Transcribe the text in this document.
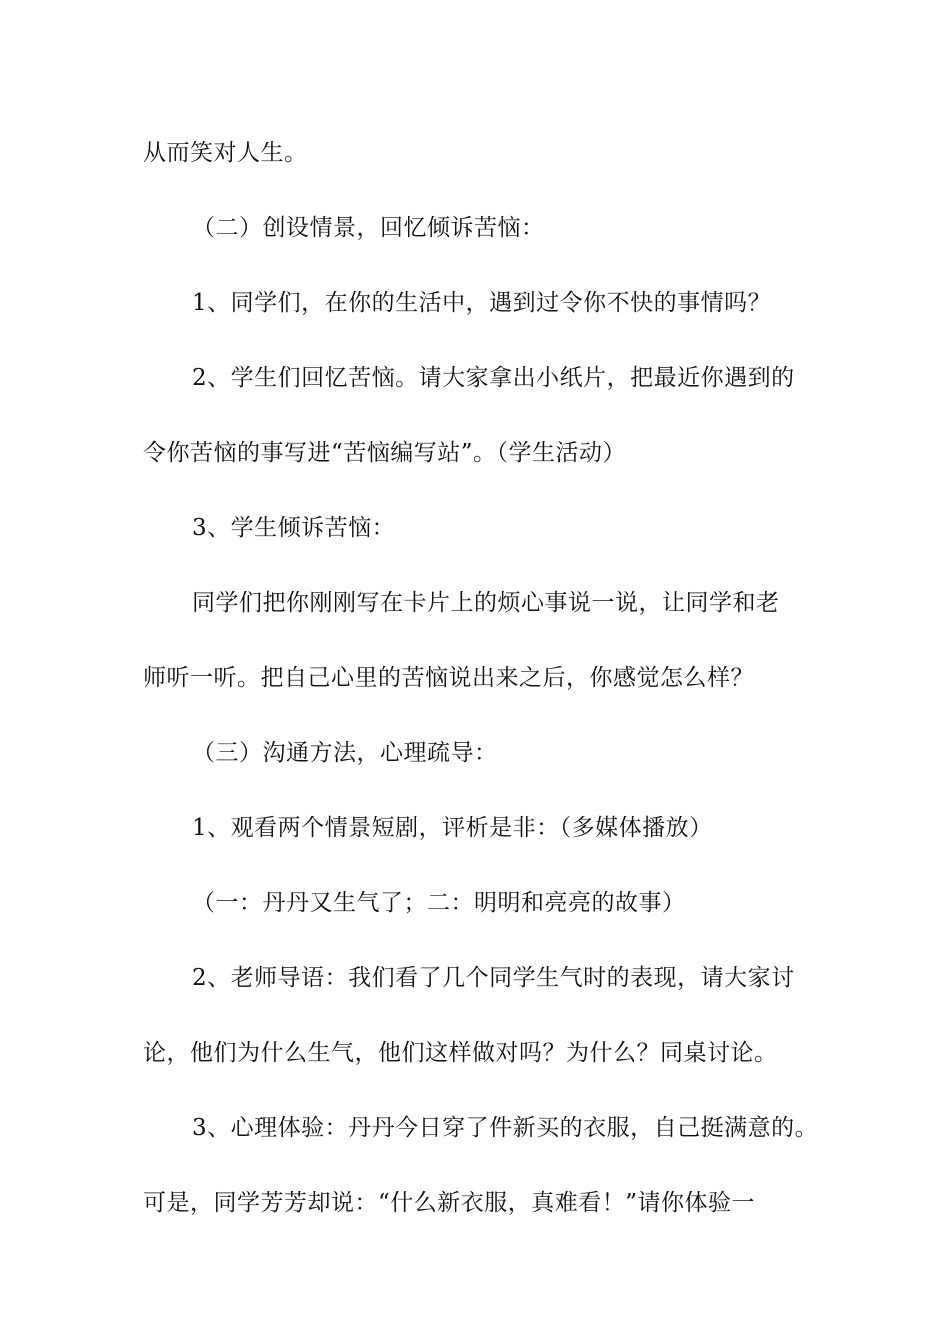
从而笑对人生。
（二）创设情景，回忆倾诉苦恼：
1、同学们，在你的生活中，遇到过令你不快的事情吗？
2、学生们回忆苦恼。请大家拿出小纸片，把最近你遇到的
令你苦恼的事写进“苦恼编写站”。（学生活动）
3、学生倾诉苦恼：
同学们把你刚刚写在卡片上的烦心事说一说，让同学和老
师听一听。把自己心里的苦恼说出来之后，你感觉怎么样？
（三）沟通方法，心理疏导：
1、观看两个情景短剧，评析是非：（多媒体播放）
（一：丹丹又生气了；二：明明和亮亮的故事）
2、老师导语：我们看了几个同学生气时的表现，请大家讨
论，他们为什么生气，他们这样做对吗？为什么？同桌讨论。
3、心理体验：丹丹今日穿了件新买的衣服，自己挺满意的。
可是，同学芳芳却说：“什么新衣服，真难看！”请你体验一
